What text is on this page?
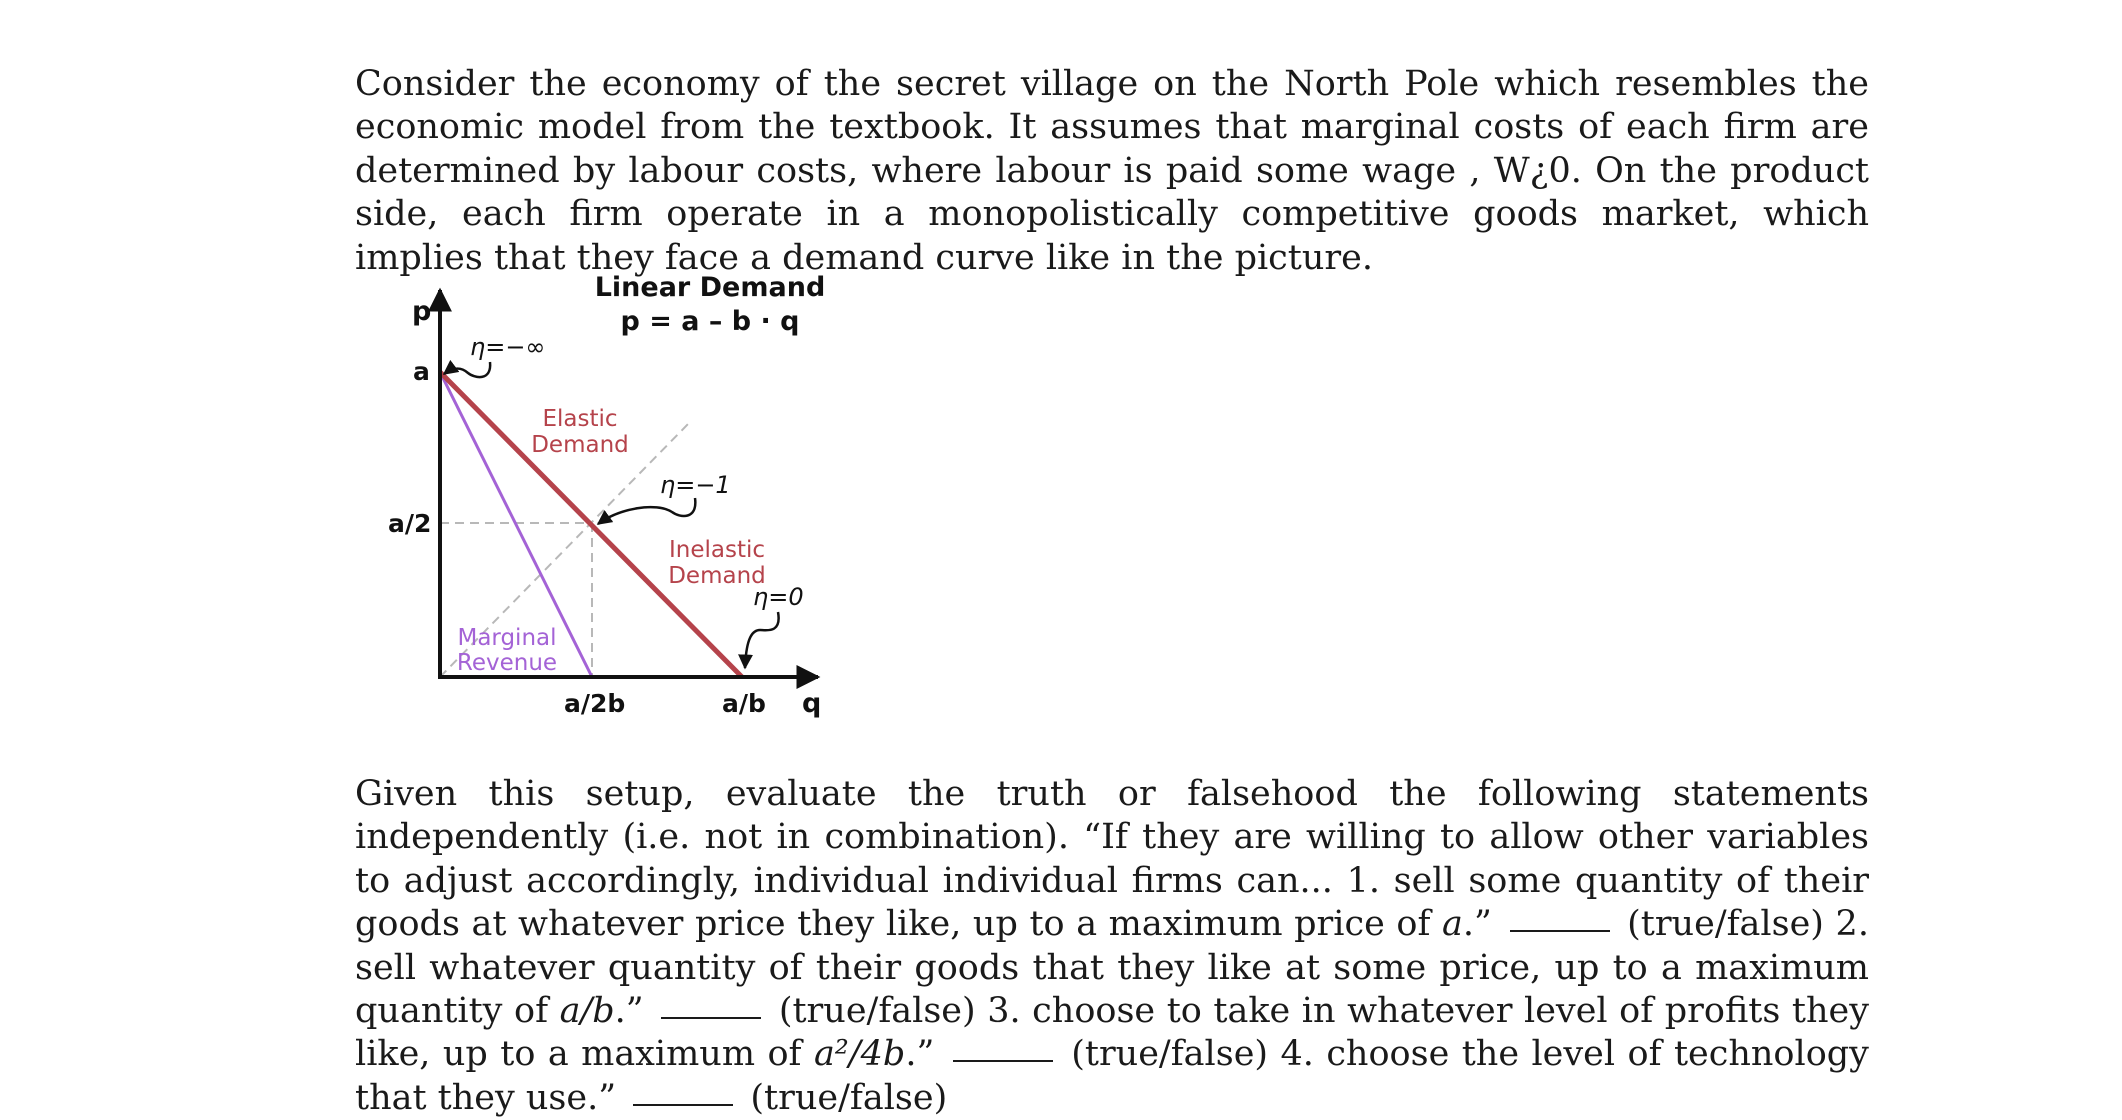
Consider the economy of the secret village on the North Pole which resembles the economic model from the textbook. It assumes that marginal costs of each firm are determined by labour costs, where labour is paid some wage , W¿0. On the product side, each firm operate in a monopolistically competitive goods market, which implies that they face a demand curve like in the picture.

p
q
a
a/2
a/2b	a/b
Linear Demand
p = a – b · q
η=−∞
η=−1
η=0
Elastic
Demand
Inelastic
Demand
Marginal
Revenue

Given this setup, evaluate the truth or falsehood the following statements independently (i.e. not in combination). “If they are willing to allow other variables to adjust accordingly, individual individual firms can... 1. sell some quantity of their goods at whatever price they like, up to a maximum price of a.”	(true/false) 2. sell whatever quantity of their goods that they like at some price, up to a maximum quantity of a/b.”	(true/false) 3. choose to take in whatever level of profits they like, up to a maximum of a²/4b.”	(true/false) 4. choose the level of technology that they use.”	(true/false)
